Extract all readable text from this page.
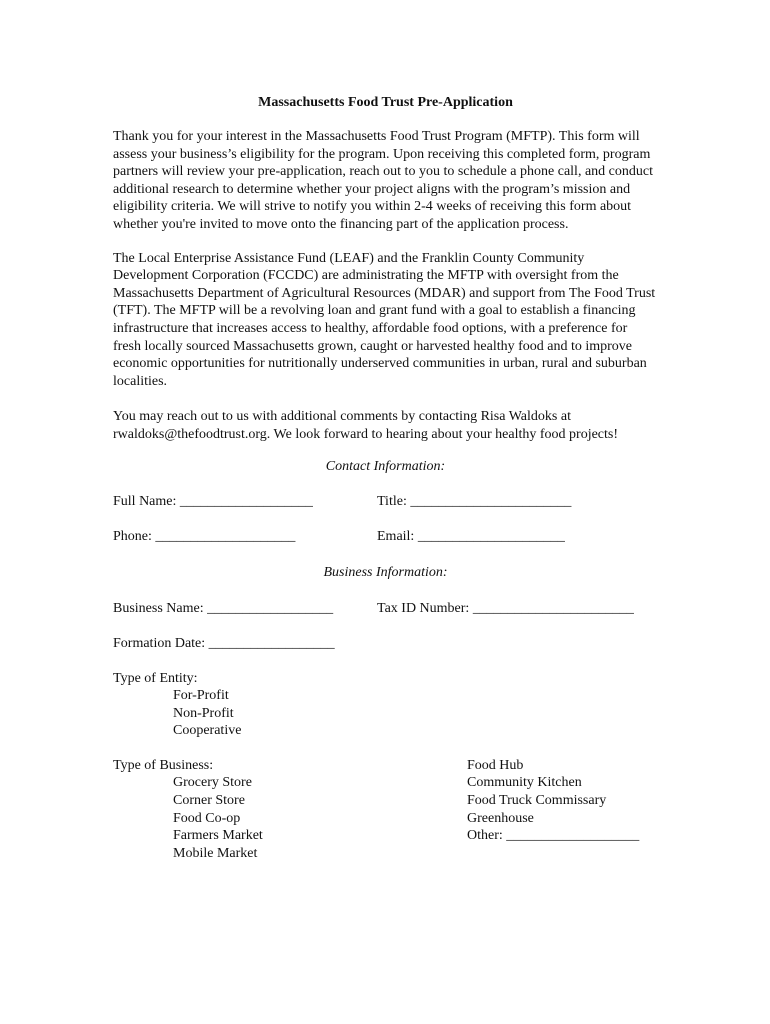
Massachusetts Food Trust Pre-Application

Thank you for your interest in the Massachusetts Food Trust Program (MFTP). This form will assess your business’s eligibility for the program. Upon receiving this completed form, program partners will review your pre-application, reach out to you to schedule a phone call, and conduct additional research to determine whether your project aligns with the program’s mission and eligibility criteria. We will strive to notify you within 2-4 weeks of receiving this form about whether you're invited to move onto the financing part of the application process.

The Local Enterprise Assistance Fund (LEAF) and the Franklin County Community Development Corporation (FCCDC) are administrating the MFTP with oversight from the Massachusetts Department of Agricultural Resources (MDAR) and support from The Food Trust (TFT). The MFTP will be a revolving loan and grant fund with a goal to establish a financing infrastructure that increases access to healthy, affordable food options, with a preference for fresh locally sourced Massachusetts grown, caught or harvested healthy food and to improve economic opportunities for nutritionally underserved communities in urban, rural and suburban localities.

You may reach out to us with additional comments by contacting Risa Waldoks at rwaldoks@thefoodtrust.org. We look forward to hearing about your healthy food projects!

Contact Information:
Full Name: ___________________	Title: _______________________
Phone: ____________________	Email: _____________________
Business Information:
Business Name: __________________	Tax ID Number: _______________________
Formation Date: __________________
Type of Entity:
For-Profit
Non-Profit
Cooperative
Type of Business:
Grocery Store
Corner Store
Food Co-op
Farmers Market
Mobile Market
Food Hub
Community Kitchen
Food Truck Commissary
Greenhouse
Other: ___________________
